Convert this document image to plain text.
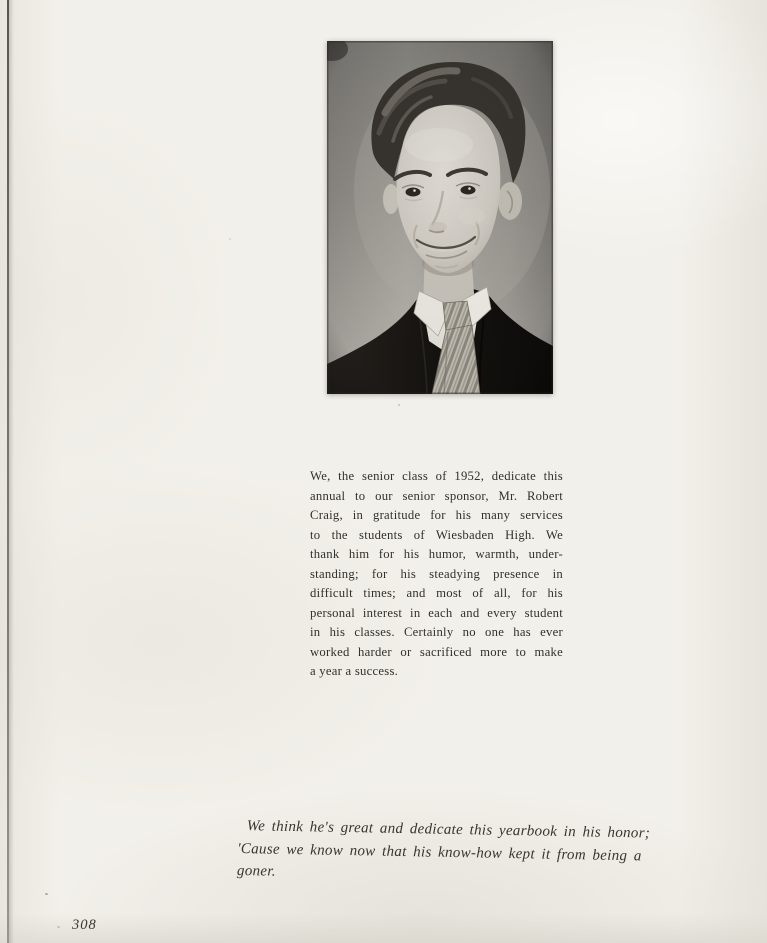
We, the senior class of 1952, dedicate this
annual to our senior sponsor, Mr. Robert
Craig, in gratitude for his many services
to the students of Wiesbaden High. We
thank him for his humor, warmth, under-
standing; for his steadying presence in
difficult times; and most of all, for his
personal interest in each and every student
in his classes. Certainly no one has ever
worked harder or sacrificed more to make
a year a success.
We think he's great and dedicate this yearbook in his honor;
'Cause we know now that his know-how kept it from being a goner.
308
